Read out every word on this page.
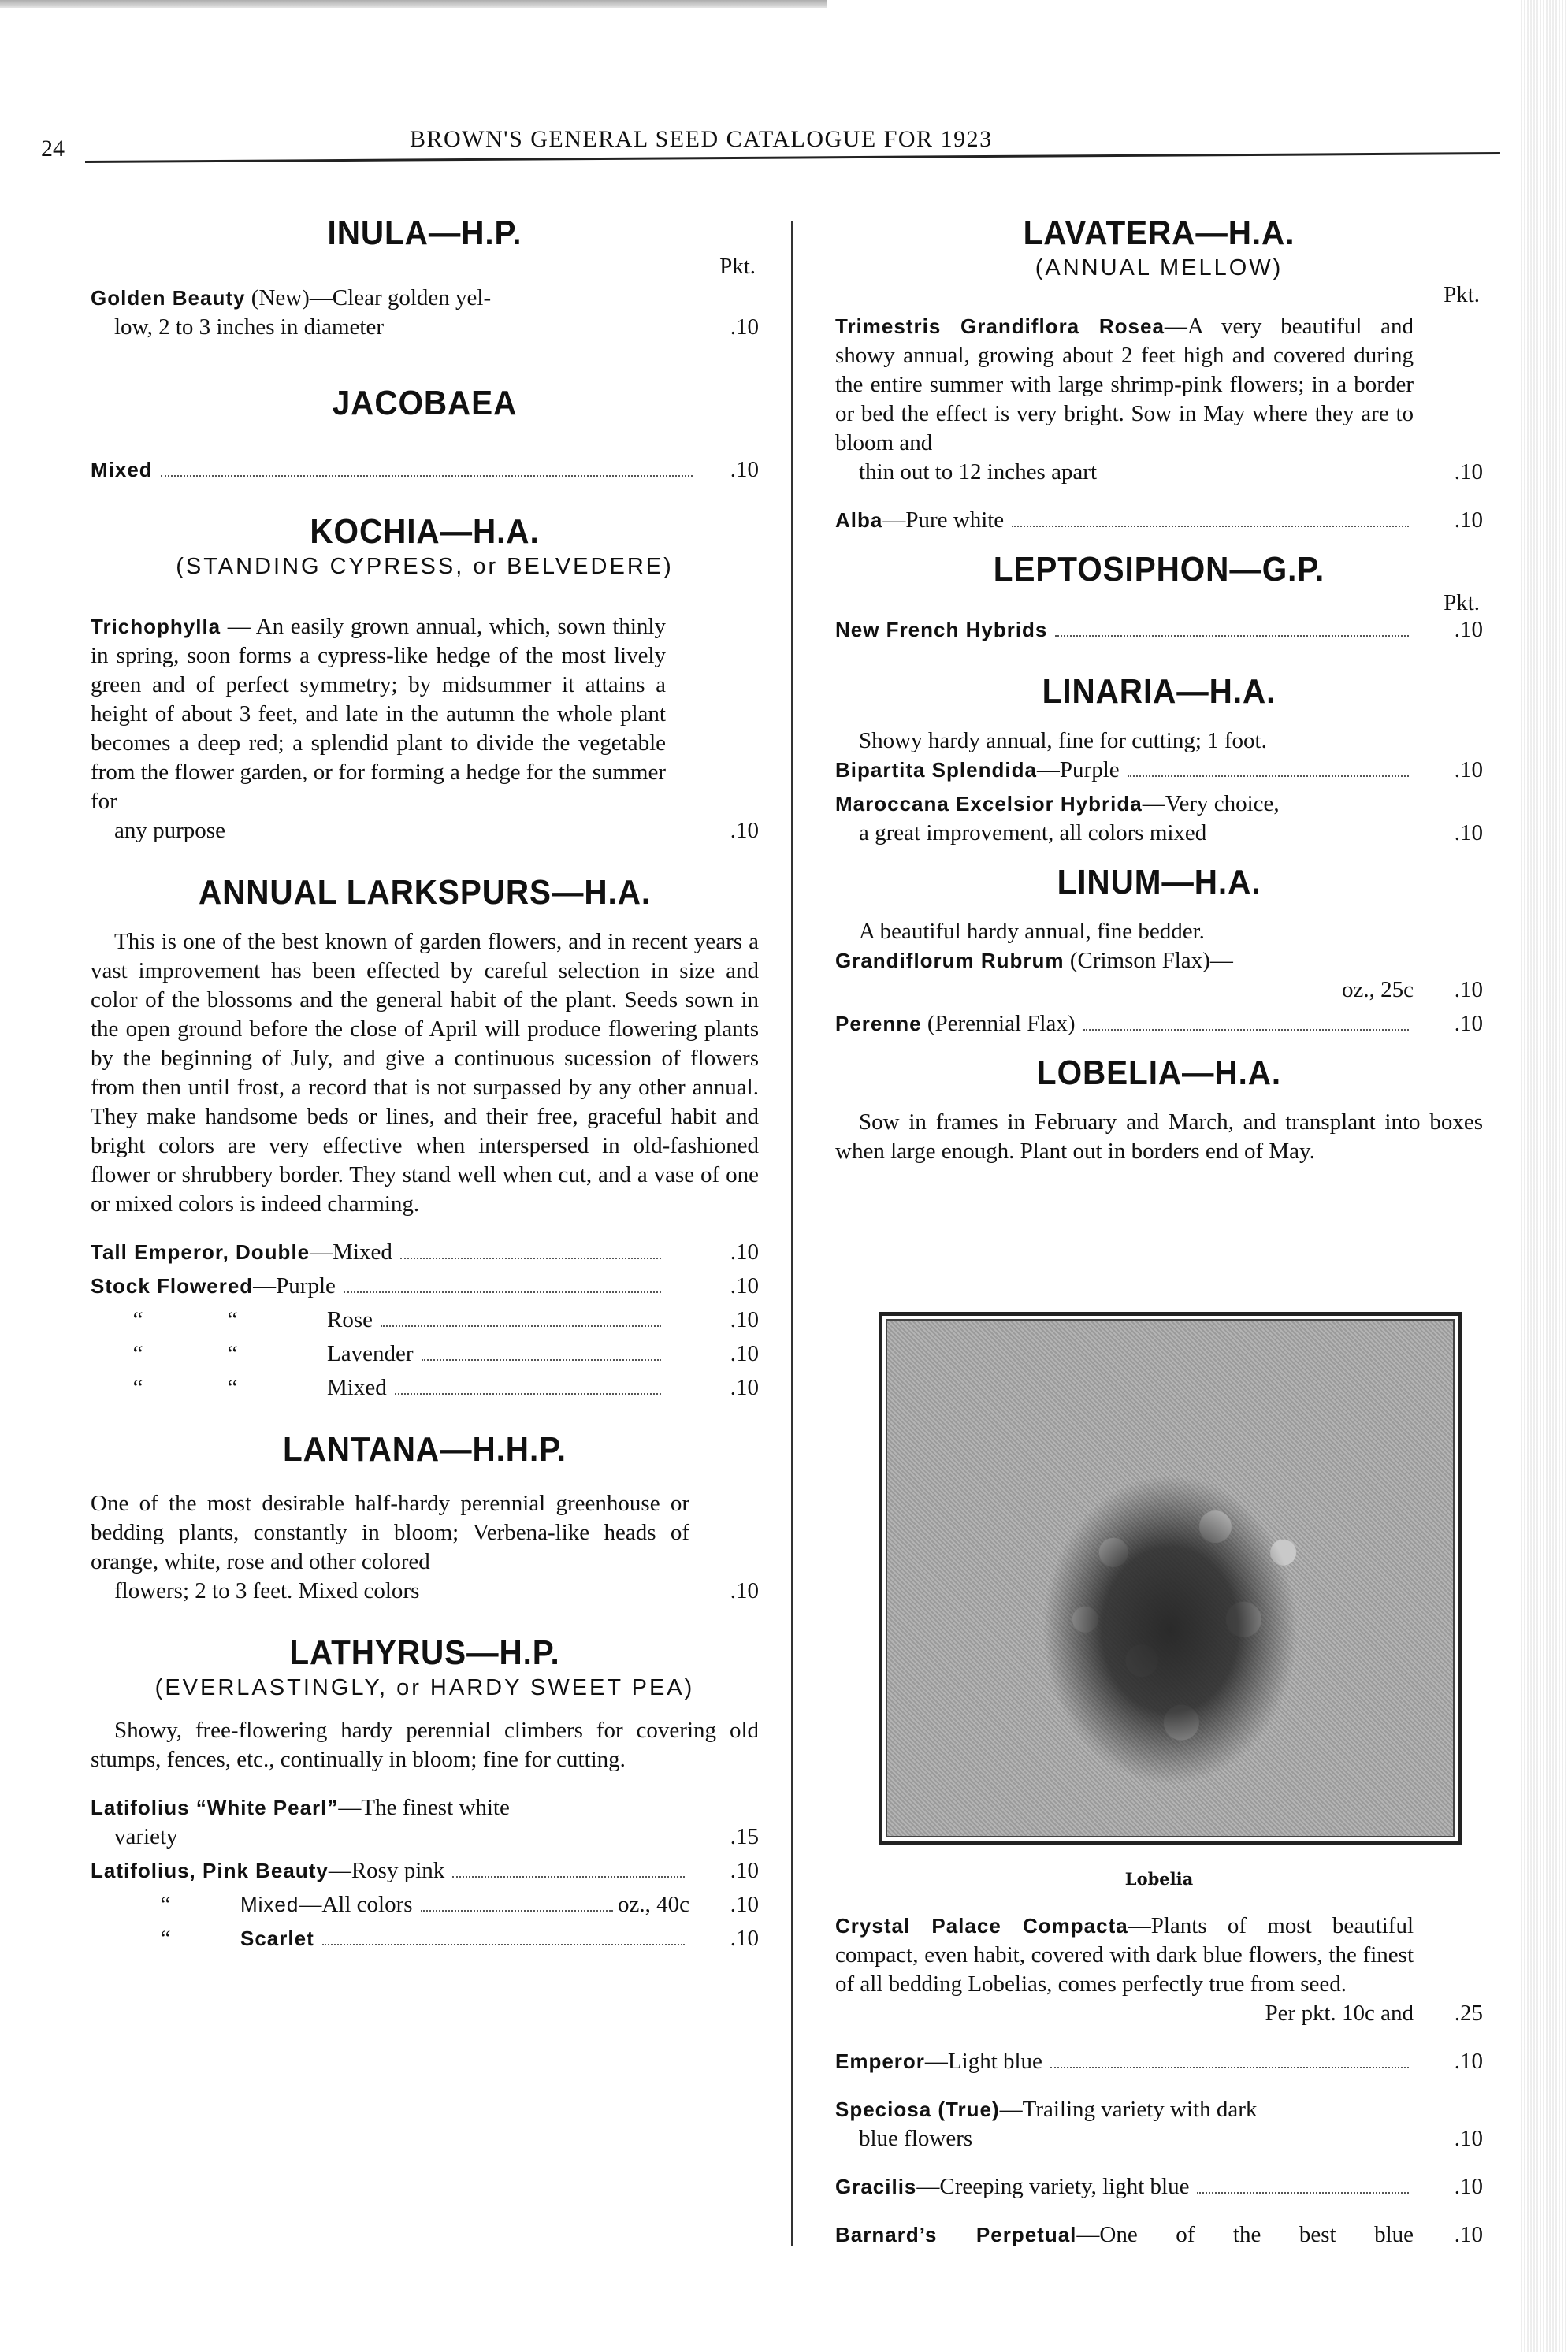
24	BROWN'S GENERAL SEED CATALOGUE FOR 1923
INULA—H.P.
Pkt.
Golden Beauty (New)—Clear golden yel-
low, 2 to 3 inches in diameter	.10
JACOBAEA
Mixed	.10
KOCHIA—H.A.
(STANDING CYPRESS, or BELVEDERE)
Trichophylla — An easily grown annual, which, sown thinly in spring, soon forms a cypress-like hedge of the most lively green and of perfect symmetry; by midsummer it attains a height of about 3 feet, and late in the autumn the whole plant becomes a deep red; a splendid plant to divide the vegetable from the flower garden, or for forming a hedge for the summer for
any purpose	.10
ANNUAL LARKSPURS—H.A.

This is one of the best known of garden flowers, and in recent years a vast improvement has been effected by careful selection in size and color of the blossoms and the general habit of the plant. Seeds sown in the open ground before the close of April will produce flowering plants by the beginning of July, and give a continuous sucession of flowers from then until frost, a record that is not surpassed by any other annual. They make handsome beds or lines, and their free, graceful habit and bright colors are very effective when interspersed in old-fashioned flower or shrubbery border. They stand well when cut, and a vase of one or mixed colors is indeed charming.

Tall Emperor, Double—Mixed	.10
Stock Flowered—Purple	.10
“	“	Rose	.10
“	“	Lavender	.10
“	“	Mixed	.10
LANTANA—H.H.P.
One of the most desirable half-hardy perennial greenhouse or bedding plants, constantly in bloom; Verbena-like heads of orange, white, rose and other colored
flowers; 2 to 3 feet. Mixed colors	.10
LATHYRUS—H.P.
(EVERLASTINGLY, or HARDY SWEET PEA)

Showy, free-flowering hardy perennial climbers for covering old stumps, fences, etc., continually in bloom; fine for cutting.

Latifolius “White Pearl”—The finest white
variety	.15
Latifolius, Pink Beauty—Rosy pink	.10
“	Mixed—All colors	oz., 40c	.10
“	Scarlet	.10
LAVATERA—H.A.
(ANNUAL MELLOW)
Pkt.
Trimestris Grandiflora Rosea—A very beautiful and showy annual, growing about 2 feet high and covered during the entire summer with large shrimp-pink flowers; in a border or bed the effect is very bright. Sow in May where they are to bloom and
thin out to 12 inches apart	.10
Alba—Pure white	.10
LEPTOSIPHON—G.P.
Pkt.
New French Hybrids	.10
LINARIA—H.A.

Showy hardy annual, fine for cutting; 1 foot.

Bipartita Splendida—Purple	.10
Maroccana Excelsior Hybrida—Very choice,
a great improvement, all colors mixed	.10
LINUM—H.A.

A beautiful hardy annual, fine bedder.

Grandiflorum Rubrum (Crimson Flax)—
oz., 25c	.10
Perenne (Perennial Flax)	.10
LOBELIA—H.A.

Sow in frames in February and March, and transplant into boxes when large enough. Plant out in borders end of May.

Lobelia
Crystal Palace Compacta—Plants of most beautiful compact, even habit, covered with dark blue flowers, the finest of all bedding Lobelias, comes perfectly true from seed.
Per pkt. 10c and	.25
Emperor—Light blue	.10
Speciosa (True)—Trailing variety with dark
blue flowers	.10
Gracilis—Creeping variety, light blue	.10
Barnard’s Perpetual—One of the best blue	.10
